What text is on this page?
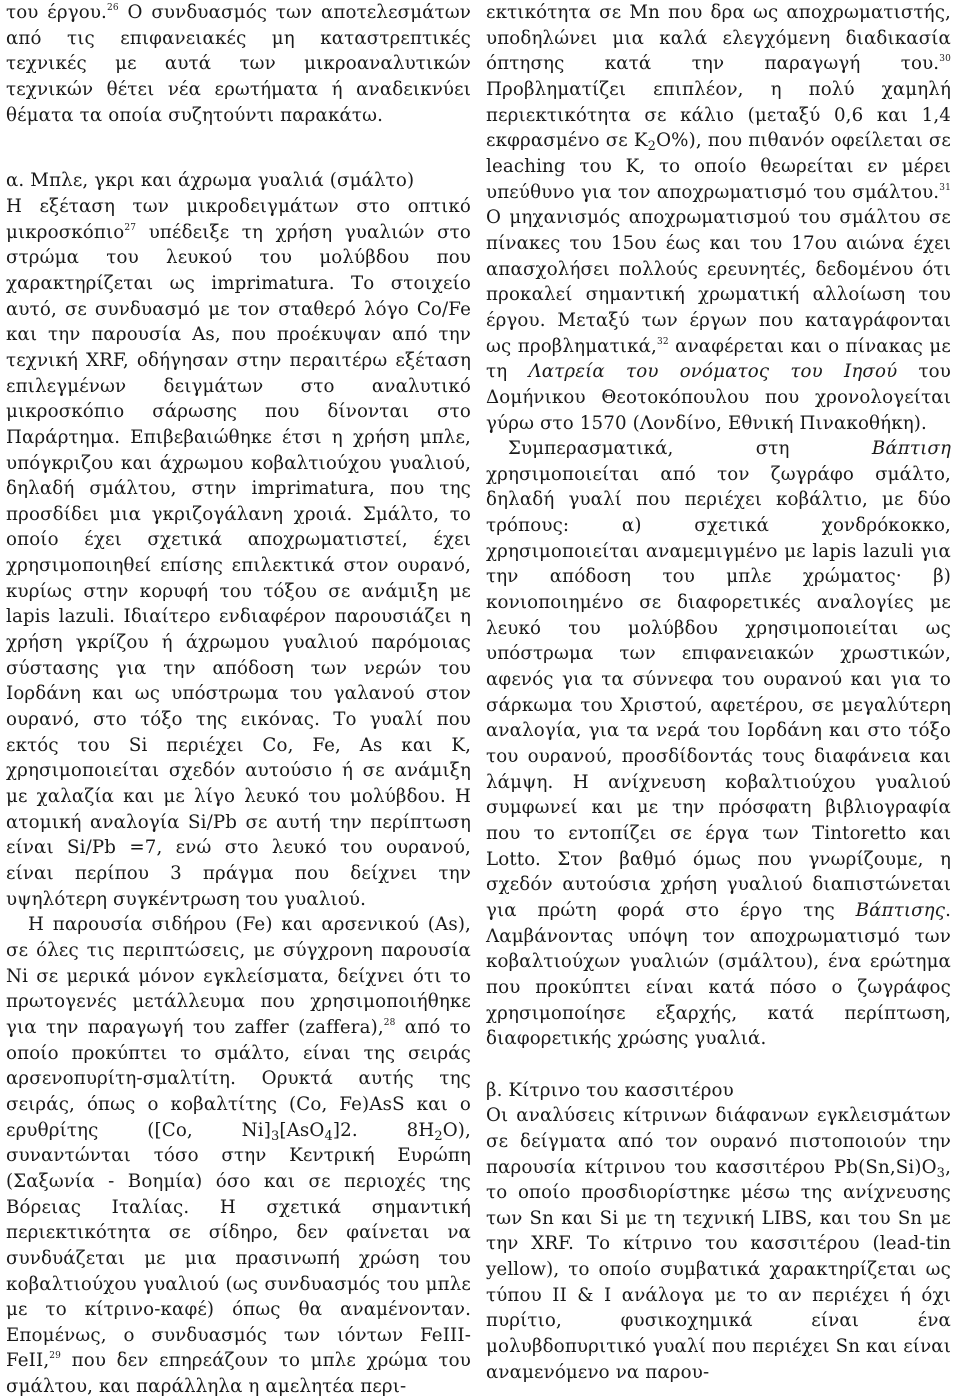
του έργου.$^{26}$ Ο συνδυασμός των αποτελεσμάτων από τις επιφανειακές μη καταστρεπτικές τεχνικές με αυτά των μικροαναλυτικών τεχνικών θέτει νέα ερωτήματα ή αναδεικνύει θέματα τα οποία συζητούντι παρακάτω.

α. Μπλε, γκρι και άχρωμα γυαλιά (σμάλτο)

Η εξέταση των μικροδειγμάτων στο οπτικό μικροσκόπιο$^{27}$ υπέδειξε τη χρήση γυαλιών στο στρώμα του λευκού του μολύβδου που χαρακτηρίζεται ως imprimatura. Το στοιχείο αυτό, σε συνδυασμό με τον σταθερό λόγο Co/Fe και την παρουσία As, που προέκυψαν από την τεχνική XRF, οδήγησαν στην περαιτέρω εξέταση επιλεγμένων δειγμάτων στο αναλυτικό μικροσκόπιο σάρωσης που δίνονται στο Παράρτημα. Επιβεβαιώθηκε έτσι η χρήση μπλε, υπόγκριζου και άχρωμου κοβαλτιούχου γυαλιού, δηλαδή σμάλτου, στην imprimatura, που της προσδίδει μια γκριζογάλανη χροιά. Σμάλτο, το οποίο έχει σχετικά αποχρωματιστεί, έχει χρησιμοποιηθεί επίσης επιλεκτικά στον ουρανό, κυρίως στην κορυφή του τόξου σε ανάμιξη με lapis lazuli. Ιδιαίτερο ενδιαφέρον παρουσιάζει η χρήση γκρίζου ή άχρωμου γυαλιού παρόμοιας σύστασης για την απόδοση των νερών του Ιορδάνη και ως υπόστρωμα του γαλανού στον ουρανό, στο τόξο της εικόνας. Το γυαλί που εκτός του Si περιέχει Co, Fe, As και K, χρησιμοποιείται σχεδόν αυτούσιο ή σε ανάμιξη με χαλαζία και με λίγο λευκό του μολύβδου. Η ατομική αναλογία Si/Pb σε αυτή την περίπτωση είναι Si/Pb =7, ενώ στο λευκό του ουρανού, είναι περίπου 3 πράγμα που δείχνει την υψηλότερη συγκέντρωση του γυαλιού.

Η παρουσία σιδήρου (Fe) και αρσενικού (As), σε όλες τις περιπτώσεις, με σύγχρονη παρουσία Ni σε μερικά μόνον εγκλείσματα, δείχνει ότι το πρωτογενές μετάλλευμα που χρησιμοποιήθηκε για την παραγωγή του zaffer (zaffera),$^{28}$ από το οποίο προκύπτει το σμάλτο, είναι της σειράς αρσενοπυρίτη-σμαλτίτη. Ορυκτά αυτής της σειράς, όπως ο κοβαλτίτης (Co, Fe)AsS και ο ερυθρίτης ([Co, $Ni]_3[AsO_4]2$. $8H_2O$), συναντώνται τόσο στην Κεντρική Ευρώπη (Σαξωνία - Βοημία) όσο και σε περιοχές της Βόρειας Ιταλίας. Η σχετικά σημαντική περιεκτικότητα σε σίδηρο, δεν φαίνεται να συνδυάζεται με μια πρασινωπή χρώση του κοβαλτιούχου γυαλιού (ως συνδυασμός του μπλε με το κίτρινο-καφέ) όπως θα αναμένονταν. Επομένως, ο συνδυασμός των ιόντων FeIII- FeII,$^{29}$ που δεν επηρεάζουν το μπλε χρώμα του σμάλτου, και παράλληλα η αμελητέα περι-

εκτικότητα σε Mn που δρα ως αποχρωματιστής, υποδηλώνει μια καλά ελεγχόμενη διαδικασία όπτησης κατά την παραγωγή του.$^{30}$ Προβληματίζει επιπλέον, η πολύ χαμηλή περιεκτικότητα σε κάλιο (μεταξύ 0,6 και 1,4 εκφρασμένο σε $K_2O\%$), που πιθανόν οφείλεται σε leaching του K, το οποίο θεωρείται εν μέρει υπεύθυνο για τον αποχρωματισμό του σμάλτου.$^{31}$ Ο μηχανισμός αποχρωματισμού του σμάλτου σε πίνακες του 15ου έως και του 17ου αιώνα έχει απασχολήσει πολλούς ερευνητές, δεδομένου ότι προκαλεί σημαντική χρωματική αλλοίωση του έργου. Μεταξύ των έργων που καταγράφονται ως προβληματικά,$^{32}$ αναφέρεται και ο πίνακας με τη Λατρεία του ονόματος του Ιησού του Δομήνικου Θεοτοκόπουλου που χρονολογείται γύρω στο 1570 (Λονδίνο, Εθνική Πινακοθήκη).

Συμπερασματικά, στη Βάπτιση χρησιμοποιείται από τον ζωγράφο σμάλτο, δηλαδή γυαλί που περιέχει κοβάλτιο, με δύο τρόπους: α) σχετικά χονδρόκοκκο, χρησιμοποιείται αναμεμιγμένο με lapis lazuli για την απόδοση του μπλε χρώματος· β) κονιοποιημένο σε διαφορετικές αναλογίες με λευκό του μολύβδου χρησιμοποιείται ως υπόστρωμα των επιφανειακών χρωστικών, αφενός για τα σύννεφα του ουρανού και για το σάρκωμα του Χριστού, αφετέρου, σε μεγαλύτερη αναλογία, για τα νερά του Ιορδάνη και στο τόξο του ουρανού, προσδίδοντάς τους διαφάνεια και λάμψη. Η ανίχνευση κοβαλτιούχου γυαλιού συμφωνεί και με την πρόσφατη βιβλιογραφία που το εντοπίζει σε έργα των Tintoretto και Lotto. Στον βαθμό όμως που γνωρίζουμε, η σχεδόν αυτούσια χρήση γυαλιού διαπιστώνεται για πρώτη φορά στο έργο της Βάπτισης. Λαμβάνοντας υπόψη τον αποχρωματισμό των κοβαλτιούχων γυαλιών (σμάλτου), ένα ερώτημα που προκύπτει είναι κατά πόσο ο ζωγράφος χρησιμοποίησε εξαρχής, κατά περίπτωση, διαφορετικής χρώσης γυαλιά.

β. Κίτρινο του κασσιτέρου

Οι αναλύσεις κίτρινων διάφανων εγκλεισμάτων σε δείγματα από τον ουρανό πιστοποιούν την παρουσία κίτρινου του κασσιτέρου $Pb(Sn,Si)O_3$, το οποίο προσδιορίστηκε μέσω της ανίχνευσης των Sn και Si με τη τεχνική LIBS, και του Sn με την XRF. Το κίτρινο του κασσιτέρου (lead-tin yellow), το οποίο συμβατικά χαρακτηρίζεται ως τύπου II & I ανάλογα με το αν περιέχει ή όχι πυρίτιο, φυσικοχημικά είναι ένα μολυβδοπυριτικό γυαλί που περιέχει Sn και είναι αναμενόμενο να παρου-
